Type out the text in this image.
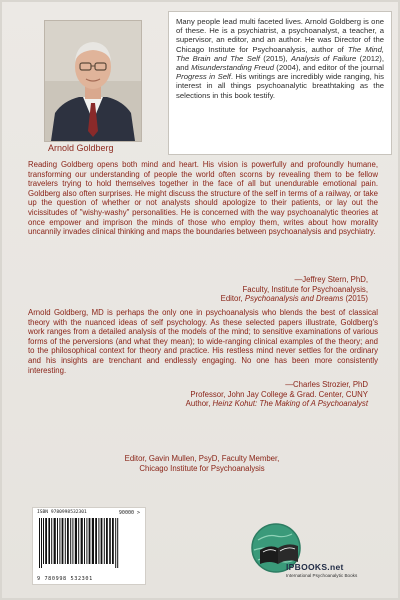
Arnold Goldberg
Many people lead multi faceted lives. Arnold Goldberg is one of these. He is a psychiatrist, a psychoanalyst, a teacher, a supervisor, an editor, and an author. He was Director of the Chicago Institute for Psychoanalysis, author of The Mind, The Brain and The Self (2015), Analysis of Failure (2012), and Misunderstanding Freud (2004), and editor of the journal Progress in Self. His writings are incredibly wide ranging, his interest in all things psychoanalytic breathtaking as the selections in this book testify.
Reading Goldberg opens both mind and heart. His vision is powerfully and profoundly humane, transforming our understanding of people the world often scorns by revealing them to be fellow travelers trying to hold themselves together in the face of all but unendurable emotional pain. Goldberg also often surprises. He might discuss the structure of the self in terms of a railway, or take up the question of whether or not analysts should apologize to their patients, or lay out the vicissitudes of "wishy-washy" personalities. He is concerned with the way psychoanalytic theories at once empower and imprison the minds of those who employ them, writes about how morality uncannily invades clinical thinking and maps the boundaries between psychoanalysis and psychiatry.
—Jeffrey Stern, PhD,
Faculty, Institute for Psychoanalysis,
Editor, Psychoanalysis and Dreams (2015)
Arnold Goldberg, MD is perhaps the only one in psychoanalysis who blends the best of classical theory with the nuanced ideas of self psychology. As these selected papers illustrate, Goldberg's work ranges from a detailed analysis of the models of the mind; to sensitive examinations of various forms of the perversions (and what they mean); to wide-ranging clinical examples of the theory; and to the philosophical context for theory and practice. His restless mind never settles for the ordinary and his insights are trenchant and endlessly engaging. No one has been more consistently interesting.
—Charles Strozier, PhD
Professor, John Jay College & Grad. Center, CUNY
Author, Heinz Kohut: The Making of A Psychoanalyst
Editor, Gavin Mullen, PsyD, Faculty Member,
Chicago Institute for Psychoanalysis
ISBN 9780998532301	90000 >
9 780998 532301
IPBOOKS.net
International Psychoanalytic Books
